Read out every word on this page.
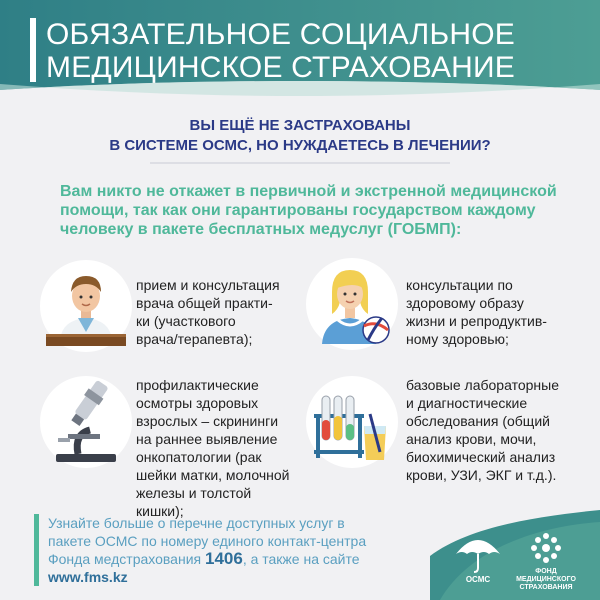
ОБЯЗАТЕЛЬНОЕ СОЦИАЛЬНОЕ
МЕДИЦИНСКОЕ СТРАХОВАНИЕ
ВЫ ЕЩЁ НЕ ЗАСТРАХОВАНЫ
В СИСТЕМЕ ОСМС, НО НУЖДАЕТЕСЬ В ЛЕЧЕНИИ?
Вам никто не откажет в первичной и экстренной медицинской
помощи, так как они гарантированы государством каждому
человеку в пакете бесплатных медуслуг (ГОБМП):
прием и консультация
врача общей практи-
ки (участкового
врача/терапевта);
консультации по
здоровому образу
жизни и репродуктив-
ному здоровью;
профилактические
осмотры здоровых
взрослых – скрининги
на раннее выявление
онкопатологии (рак
шейки матки, молочной
железы и толстой
кишки);
базовые лабораторные
и диагностические
обследования (общий
анализ крови, мочи,
биохимический анализ
крови, УЗИ, ЭКГ и т.д.).
Узнайте больше о перечне доступных услуг в
пакете ОСМС по номеру единого контакт-центра
Фонда медстрахования 1406, а также на сайте
www.fms.kz	ОСМС
ФОНД
МЕДИЦИНСКОГО
СТРАХОВАНИЯ
